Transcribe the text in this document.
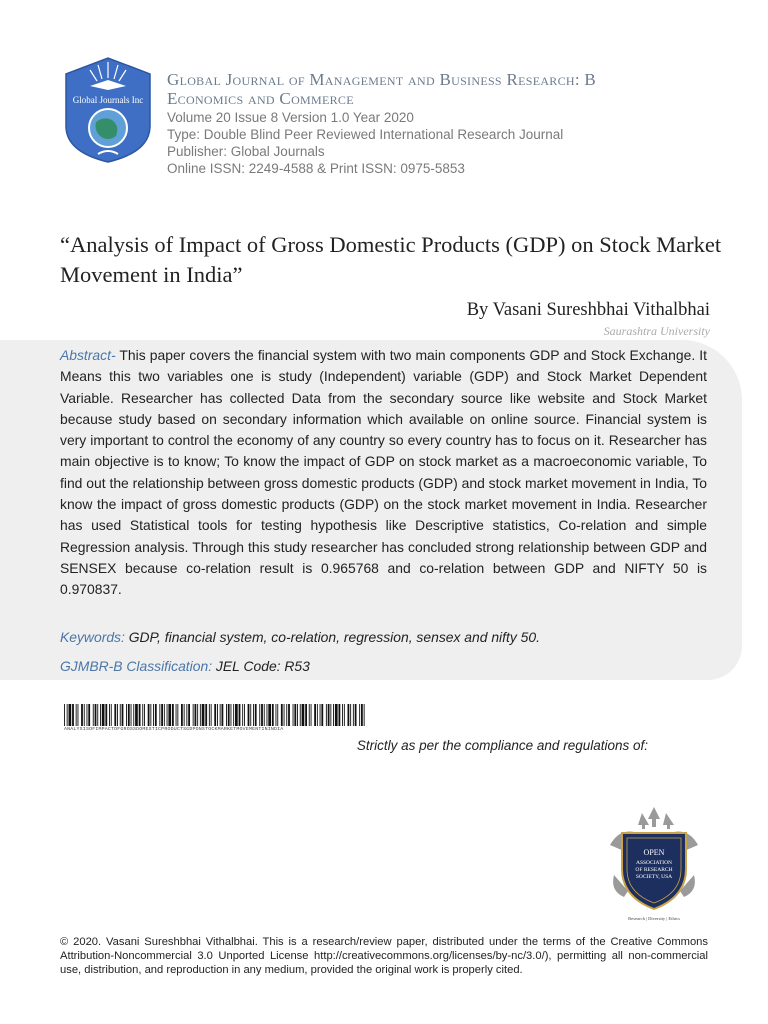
Global Journals Inc
Global Journal of Management and Business Research: B
Economics and Commerce
Volume 20 Issue 8 Version 1.0 Year 2020
Type: Double Blind Peer Reviewed International Research Journal
Publisher: Global Journals
Online ISSN: 2249-4588 & Print ISSN: 0975-5853
“Analysis of Impact of Gross Domestic Products (GDP) on Stock Market Movement in India”
By Vasani Sureshbhai Vithalbhai
Saurashtra University
Abstract- This paper covers the financial system with two main components GDP and Stock Exchange. It Means this two variables one is study (Independent) variable (GDP) and Stock Market Dependent Variable. Researcher has collected Data from the secondary source like website and Stock Market because study based on secondary information which available on online source. Financial system is very important to control the economy of any country so every country has to focus on it. Researcher has main objective is to know; To know the impact of GDP on stock market as a macroeconomic variable, To find out the relationship between gross domestic products (GDP) and stock market movement in India, To know the impact of gross domestic products (GDP) on the stock market movement in India. Researcher has used Statistical tools for testing hypothesis like Descriptive statistics, Co-relation and simple Regression analysis. Through this study researcher has concluded strong relationship between GDP and SENSEX because co-relation result is 0.965768 and co-relation between GDP and NIFTY 50 is 0.970837.
Keywords: GDP, financial system, co-relation, regression, sensex and nifty 50.
GJMBR-B Classification: JEL Code: R53
ANALYSISOFIMPACTOFGROSSDOMESTICPRODUCTSGDPONSTOCKMARKETMOVEMENTININDIA
Strictly as per the compliance and regulations of:
OPEN
ASSOCIATION
OF RESEARCH
SOCIETY, USA
Research | Diversity | Ethics
© 2020. Vasani Sureshbhai Vithalbhai. This is a research/review paper, distributed under the terms of the Creative Commons Attribution-Noncommercial 3.0 Unported License http://creativecommons.org/licenses/by-nc/3.0/), permitting all non-commercial use, distribution, and reproduction in any medium, provided the original work is properly cited.
